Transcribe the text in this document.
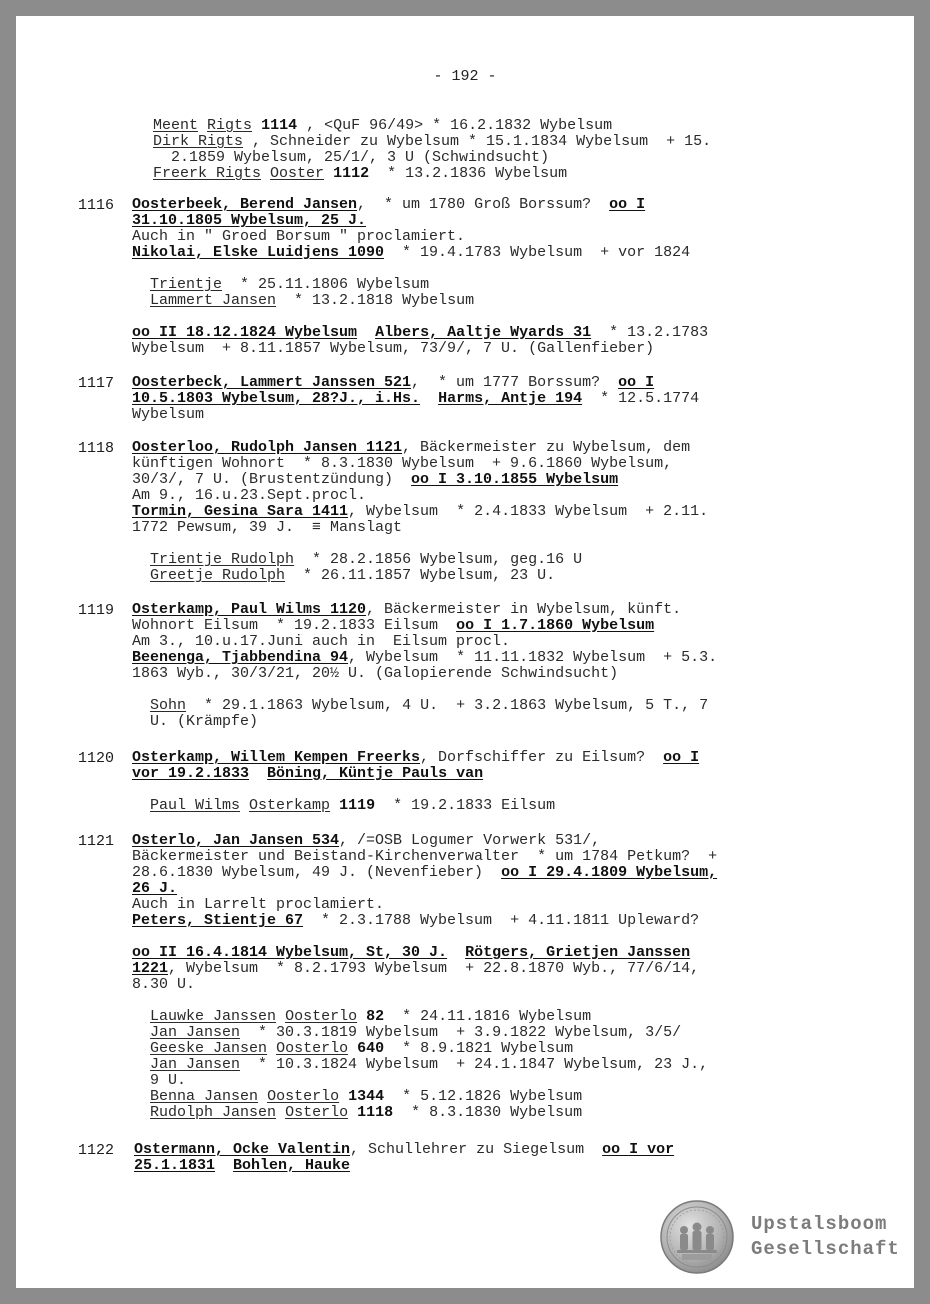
- 192 -
Meent Rigts 1114 , <QuF 96/49> * 16.2.1832 Wybelsum
Dirk Rigts , Schneider zu Wybelsum * 15.1.1834 Wybelsum  + 15.
2.1859 Wybelsum, 25/1/, 3 U (Schwindsucht)
Freerk Rigts Ooster 1112  * 13.2.1836 Wybelsum
1116 Oosterbeek, Berend Jansen,  * um 1780 Groß Borssum?  oo I
31.10.1805 Wybelsum, 25 J.
Auch in " Groed Borsum " proclamiert.
Nikolai, Elske Luidjens 1090  * 19.4.1783 Wybelsum  + vor 1824
Trientje  * 25.11.1806 Wybelsum
Lammert Jansen  * 13.2.1818 Wybelsum
oo II 18.12.1824 Wybelsum Albers, Aaltje Wyards 31  * 13.2.1783
Wybelsum  + 8.11.1857 Wybelsum, 73/9/, 7 U. (Gallenfieber)
1117 Oosterbeck, Lammert Janssen 521,  * um 1777 Borssum?  oo I
10.5.1803 Wybelsum, 28?J., i.Hs. Harms, Antje 194  * 12.5.1774
Wybelsum
1118 Oosterloo, Rudolph Jansen 1121, Bäckermeister zu Wybelsum, dem
künftigen Wohnort  * 8.3.1830 Wybelsum  + 9.6.1860 Wybelsum,
30/3/, 7 U. (Brustentzündung)  oo I 3.10.1855 Wybelsum
Am 9., 16.u.23.Sept.procl.
Tormin, Gesina Sara 1411, Wybelsum  * 2.4.1833 Wybelsum  + 2.11.
1772 Pewsum, 39 J.  ≡ Manslagt
Trientje Rudolph  * 28.2.1856 Wybelsum, geg.16 U
Greetje Rudolph  * 26.11.1857 Wybelsum, 23 U.
1119 Osterkamp, Paul Wilms 1120, Bäckermeister in Wybelsum, künft.
Wohnort Eilsum  * 19.2.1833 Eilsum  oo I 1.7.1860 Wybelsum
Am 3., 10.u.17.Juni auch in  Eilsum procl.
Beenenga, Tjabbendina 94, Wybelsum  * 11.11.1832 Wybelsum  + 5.3.
1863 Wyb., 30/3/21, 20½ U. (Galopierende Schwindsucht)
Sohn  * 29.1.1863 Wybelsum, 4 U.  + 3.2.1863 Wybelsum, 5 T., 7
U. (Krämpfe)
1120 Osterkamp, Willem Kempen Freerks, Dorfschiffer zu Eilsum?  oo I
vor 19.2.1833 Böning, Küntje Pauls van
Paul Wilms Osterkamp 1119  * 19.2.1833 Eilsum
1121 Osterlo, Jan Jansen 534, /=OSB Logumer Vorwerk 531/,
Bäckermeister und Beistand-Kirchenverwalter  * um 1784 Petkum?  +
28.6.1830 Wybelsum, 49 J. (Nevenfieber)  oo I 29.4.1809 Wybelsum,
26 J.
Auch in Larrelt proclamiert.
Peters, Stientje 67  * 2.3.1788 Wybelsum  + 4.11.1811 Upleward?
oo II 16.4.1814 Wybelsum, St, 30 J. Rötgers, Grietjen Janssen
1221, Wybelsum  * 8.2.1793 Wybelsum  + 22.8.1870 Wyb., 77/6/14,
8.30 U.
Lauwke Janssen Oosterlo 82  * 24.11.1816 Wybelsum
Jan Jansen  * 30.3.1819 Wybelsum  + 3.9.1822 Wybelsum, 3/5/
Geeske Jansen Oosterlo 640  * 8.9.1821 Wybelsum
Jan Jansen  * 10.3.1824 Wybelsum  + 24.1.1847 Wybelsum, 23 J.,
9 U.
Benna Jansen Oosterlo 1344  * 5.12.1826 Wybelsum
Rudolph Jansen Osterlo 1118  * 8.3.1830 Wybelsum
1122 Ostermann, Ocke Valentin, Schullehrer zu Siegelsum  oo I vor
25.1.1831 Bohlen, Hauke
Upstalsboom
Gesellschaft
